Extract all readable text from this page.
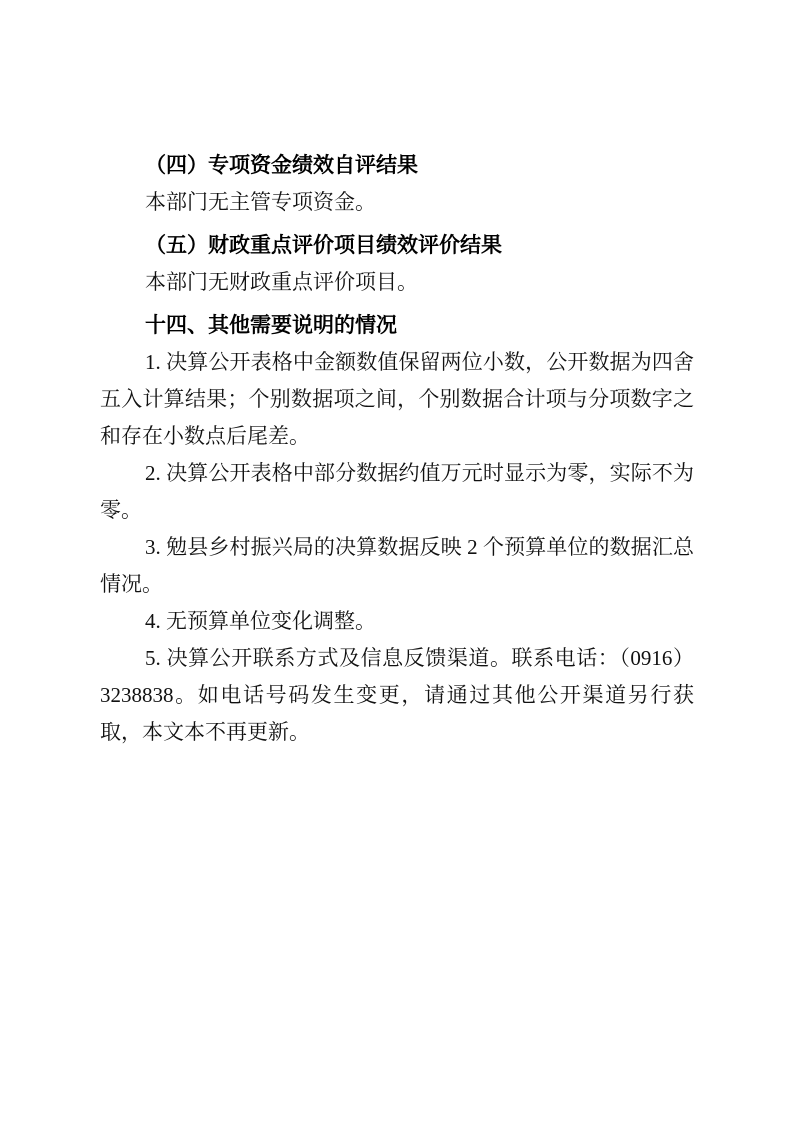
（四）专项资金绩效自评结果

本部门无主管专项资金。

（五）财政重点评价项目绩效评价结果

本部门无财政重点评价项目。

十四、其他需要说明的情况

1. 决算公开表格中金额数值保留两位小数，公开数据为四舍五入计算结果；个别数据项之间，个别数据合计项与分项数字之和存在小数点后尾差。

2. 决算公开表格中部分数据约值万元时显示为零，实际不为零。

3. 勉县乡村振兴局的决算数据反映 2 个预算单位的数据汇总情况。

4. 无预算单位变化调整。

5. 决算公开联系方式及信息反馈渠道。联系电话：（0916）3238838。如电话号码发生变更，请通过其他公开渠道另行获取，本文本不再更新。
